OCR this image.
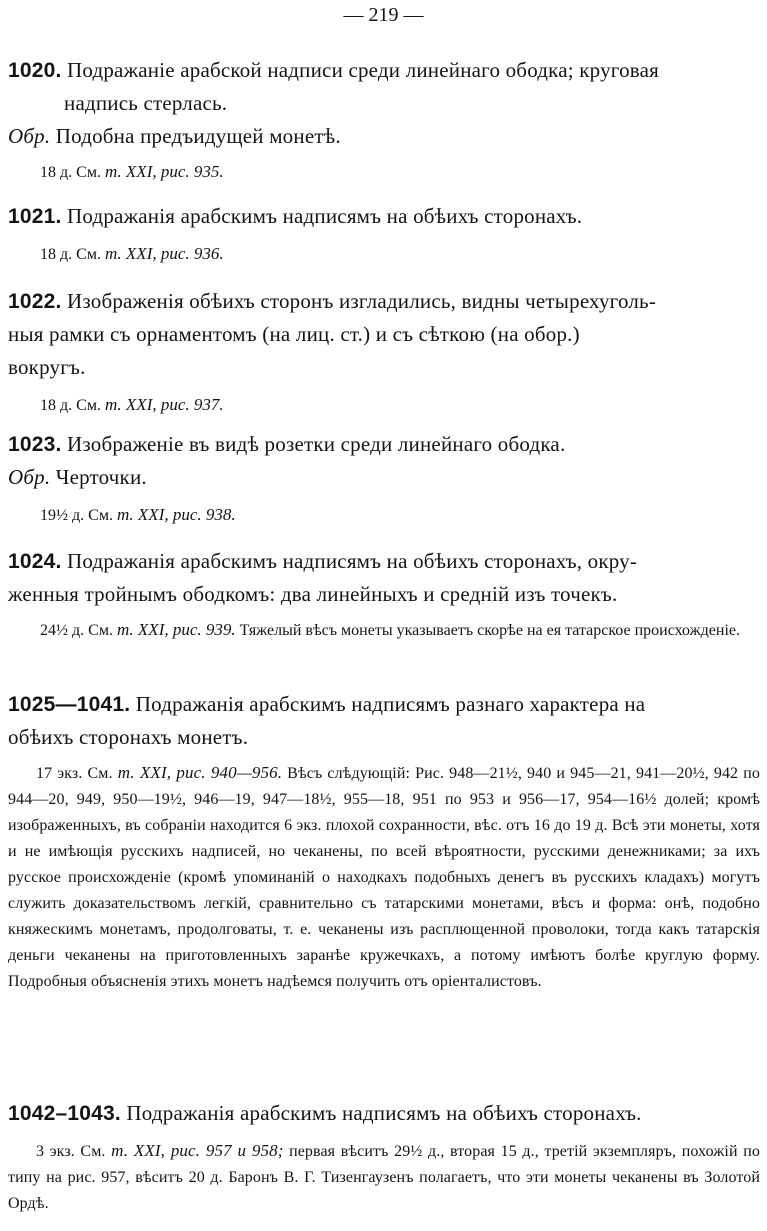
— 219 —
1020. Подражаніе арабской надписи среди линейнаго ободка; круговая
надпись стерлась.
Обр. Подобна предъидущей монетѣ.
18 д. См. т. XXI, рис. 935.
1021. Подражанія арабскимъ надписямъ на обѣихъ сторонахъ.
18 д. См. т. XXI, рис. 936.
1022. Изображенія обѣихъ сторонъ изгладились, видны четырехуголь-
ныя рамки съ орнаментомъ (на лиц. ст.) и съ сѣткою (на обор.)
вокругъ.
18 д. См. т. XXI, рис. 937.
1023. Изображеніе въ видѣ розетки среди линейнаго ободка.
Обр. Черточки.
19½ д. См. т. XXI, рис. 938.
1024. Подражанія арабскимъ надписямъ на обѣихъ сторонахъ, окру-
женныя тройнымъ ободкомъ: два линейныхъ и средній изъ точекъ.
24½ д. См. т. XXI, рис. 939. Тяжелый вѣсъ монеты указываетъ скорѣе на ея татарское происхожденіе.
1025—1041. Подражанія арабскимъ надписямъ разнаго характера на
обѣихъ сторонахъ монетъ.
17 экз. См. т. XXI, рис. 940—956. Вѣсъ слѣдующій: Рис. 948—21½, 940 и 945—21, 941—20½, 942 по 944—20, 949, 950—19½, 946—19, 947—18½, 955—18, 951 по 953 и 956—17, 954—16½ долей; кромѣ изображенныхъ, въ собраніи находится 6 экз. плохой сохранности, вѣс. отъ 16 до 19 д. Всѣ эти монеты, хотя и не имѣющія русскихъ надписей, но чеканены, по всей вѣроятности, русскими денежниками; за ихъ русское происхожденіе (кромѣ упоминаній о находкахъ подобныхъ денегъ въ русскихъ кладахъ) могутъ служить доказательствомъ легкій, сравнительно съ татарскими монетами, вѣсъ и форма: онѣ, подобно княжескимъ монетамъ, продолговаты, т. е. чеканены изъ расплющенной проволоки, тогда какъ татарскія деньги чеканены на приготовленныхъ заранѣе кружечкахъ, а потому имѣютъ болѣе круглую форму. Подробныя объясненія этихъ монетъ надѣемся получить отъ оріенталистовъ.
1042–1043. Подражанія арабскимъ надписямъ на обѣихъ сторонахъ.
3 экз. См. т. XXI, рис. 957 и 958; первая вѣситъ 29½ д., вторая 15 д., третій экземпляръ, похожій по типу на рис. 957, вѣситъ 20 д. Баронъ В. Г. Тизенгаузенъ полагаетъ, что эти монеты чеканены въ Золотой Ордѣ.
